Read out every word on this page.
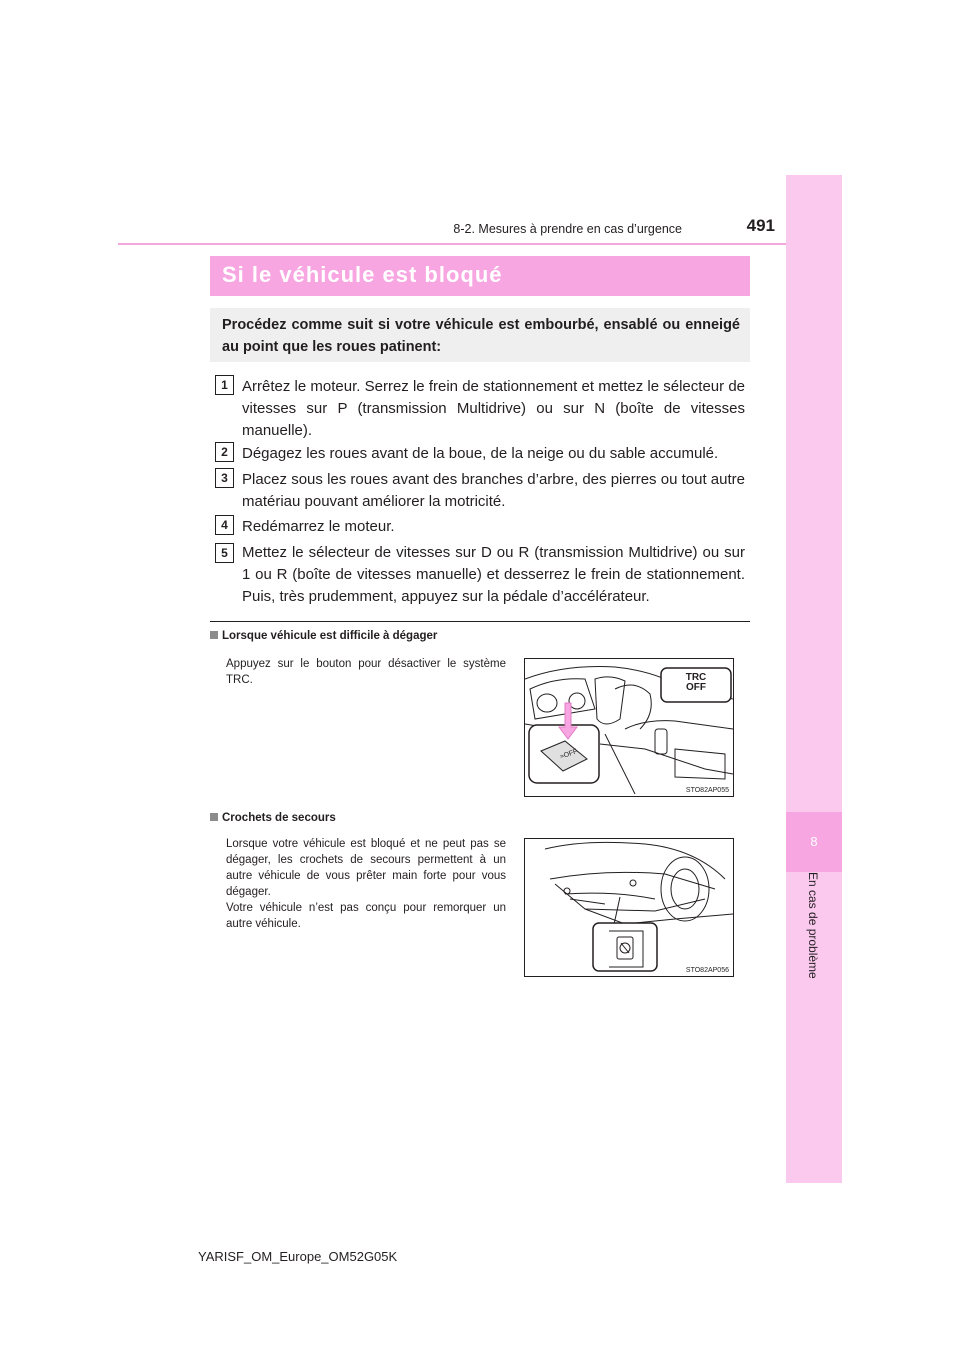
8
En cas de problème
8-2. Mesures à prendre en cas d’urgence	491
Si le véhicule est bloqué
Procédez comme suit si votre véhicule est embourbé, ensablé ou enneigé au point que les roues patinent:
1 Arrêtez le moteur. Serrez le frein de stationnement et mettez le sélecteur de vitesses sur P (transmission Multidrive) ou sur N (boîte de vitesses manuelle).
2 Dégagez les roues avant de la boue, de la neige ou du sable accumulé.
3 Placez sous les roues avant des branches d’arbre, des pierres ou tout autre matériau pouvant améliorer la motricité.
4 Redémarrez le moteur.
5 Mettez le sélecteur de vitesses sur D ou R (transmission Multidrive) ou sur 1 ou R (boîte de vitesses manuelle) et desserrez le frein de stationnement. Puis, très prudemment, appuyez sur la pédale d’accélérateur.
Lorsque véhicule est difficile à dégager
Appuyez sur le bouton pour désactiver le système TRC.
≈OFF
TRC
OFF
STO82AP055
Crochets de secours
Lorsque votre véhicule est bloqué et ne peut pas se dégager, les crochets de secours permettent à un autre véhicule de vous prêter main forte pour vous dégager.
Votre véhicule n’est pas conçu pour remorquer un autre véhicule.
STO82AP056
YARISF_OM_Europe_OM52G05K
